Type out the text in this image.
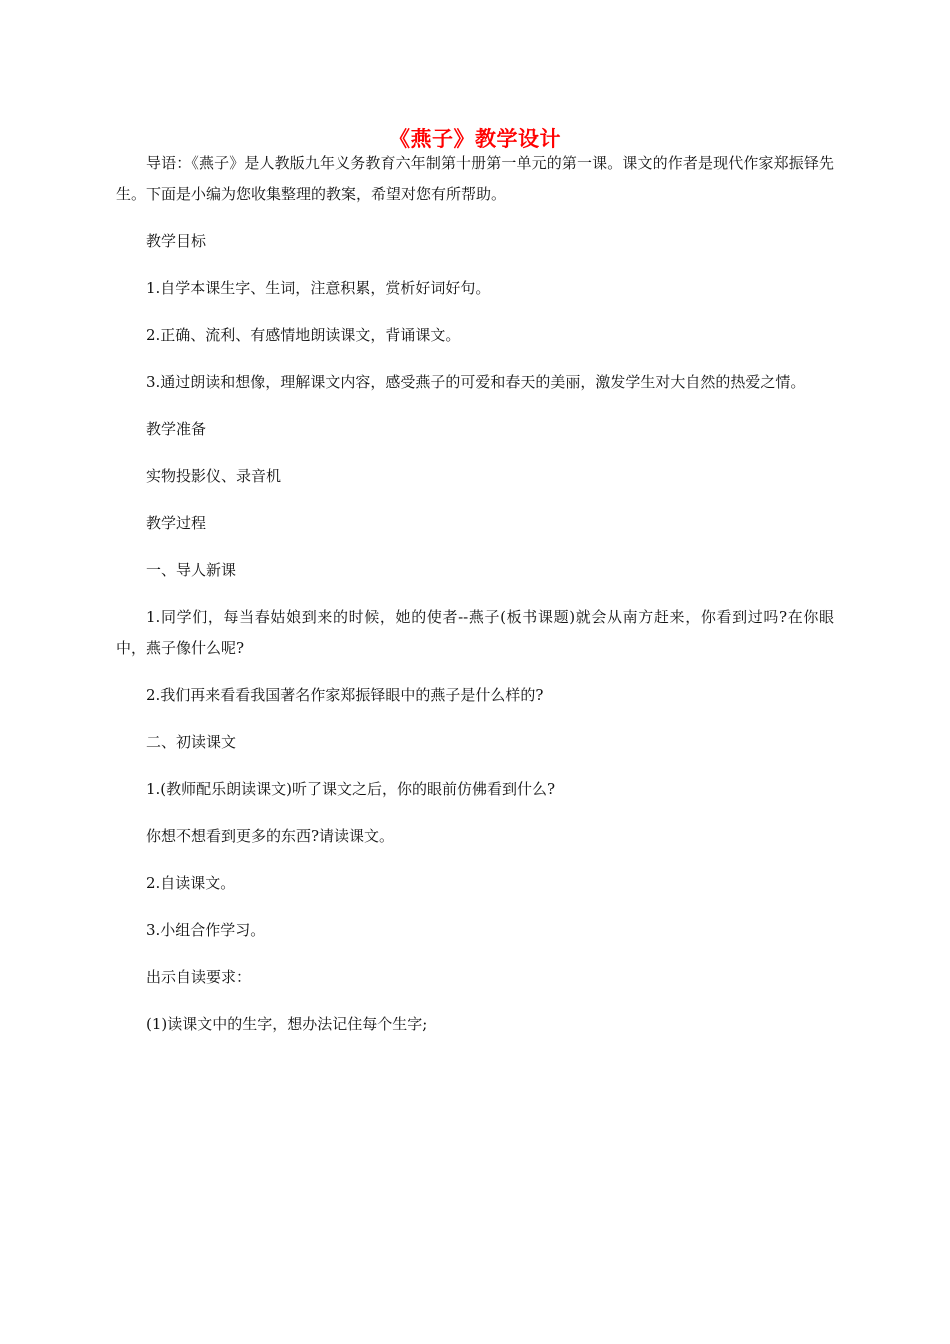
《燕子》教学设计

导语：《燕子》是人教版九年义务教育六年制第十册第一单元的第一课。课文的作者是现代作家郑振铎先生。下面是小编为您收集整理的教案，希望对您有所帮助。

教学目标

1.自学本课生字、生词，注意积累，赏析好词好句。

2.正确、流利、有感情地朗读课文，背诵课文。

3.通过朗读和想像，理解课文内容，感受燕子的可爱和春天的美丽，激发学生对大自然的热爱之情。

教学准备

实物投影仪、录音机

教学过程

一、导人新课

1.同学们，每当春姑娘到来的时候，她的使者--燕子(板书课题)就会从南方赶来，你看到过吗?在你眼中，燕子像什么呢?

2.我们再来看看我国著名作家郑振铎眼中的燕子是什么样的?

二、初读课文

1.(教师配乐朗读课文)听了课文之后，你的眼前仿佛看到什么?

你想不想看到更多的东西?请读课文。

2.自读课文。

3.小组合作学习。

出示自读要求：

(1)读课文中的生字，想办法记住每个生字;
